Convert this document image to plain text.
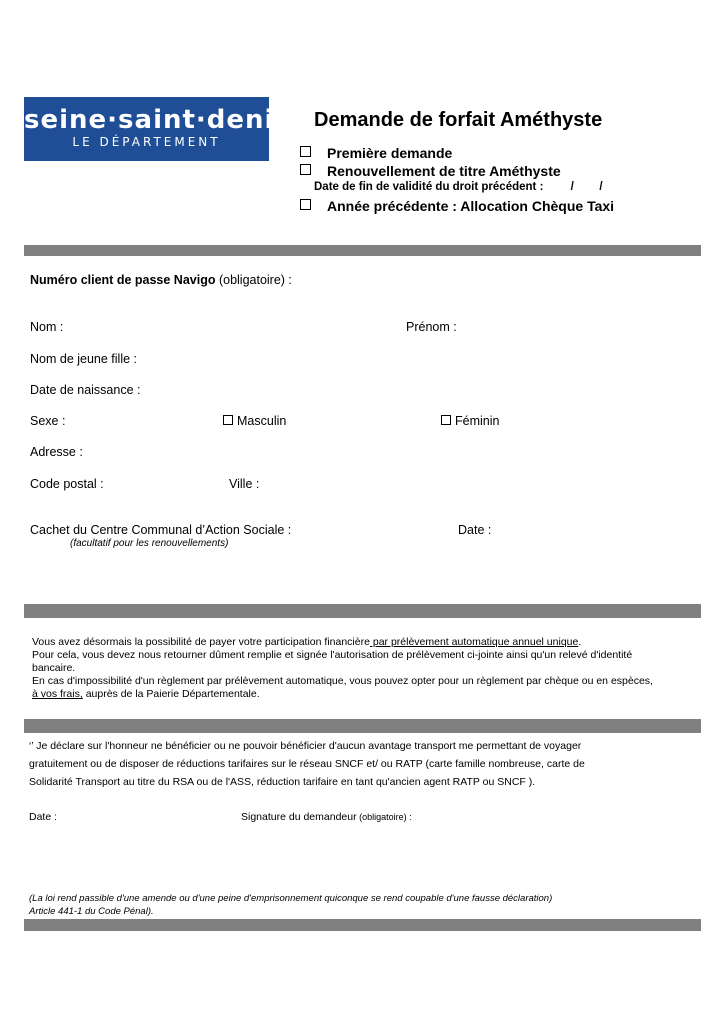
seine·saint·denis
LE DÉPARTEMENT
Demande de forfait Améthyste
Première demande
Renouvellement de titre Améthyste
Date de fin de validité du droit précédent : /        /
Année précédente : Allocation Chèque Taxi
Numéro client de passe Navigo (obligatoire) :
Nom :	Prénom :
Nom de jeune fille :
Date de naissance :
Sexe :	Masculin	Féminin
Adresse :
Code postal :	Ville :
Cachet du Centre Communal d’Action Sociale :
(facultatif pour les renouvellements)
Date :
Vous avez désormais la possibilité de payer votre participation financière par prélèvement automatique annuel unique.
Pour cela, vous devez nous retourner dûment remplie et signée l'autorisation de prélèvement ci-jointe ainsi qu'un relevé d'identité
bancaire.
En cas d'impossibilité d'un règlement par prélèvement automatique, vous pouvez opter pour un règlement par chèque ou en espèces,
à vos frais, auprès de la Paierie Départementale.
‘’ Je déclare sur l'honneur ne bénéficier ou ne pouvoir bénéficier d'aucun avantage transport me permettant de voyager
gratuitement ou de disposer de réductions tarifaires sur le réseau SNCF et/ ou RATP (carte famille nombreuse, carte de
Solidarité Transport au titre du RSA ou de l'ASS, réduction tarifaire en tant qu'ancien agent RATP ou SNCF ).
Date :	Signature du demandeur (obligatoire) :
(La loi rend passible d'une amende ou d'une peine d'emprisonnement quiconque se rend coupable d'une fausse déclaration)
Article 441-1 du Code Pénal).
